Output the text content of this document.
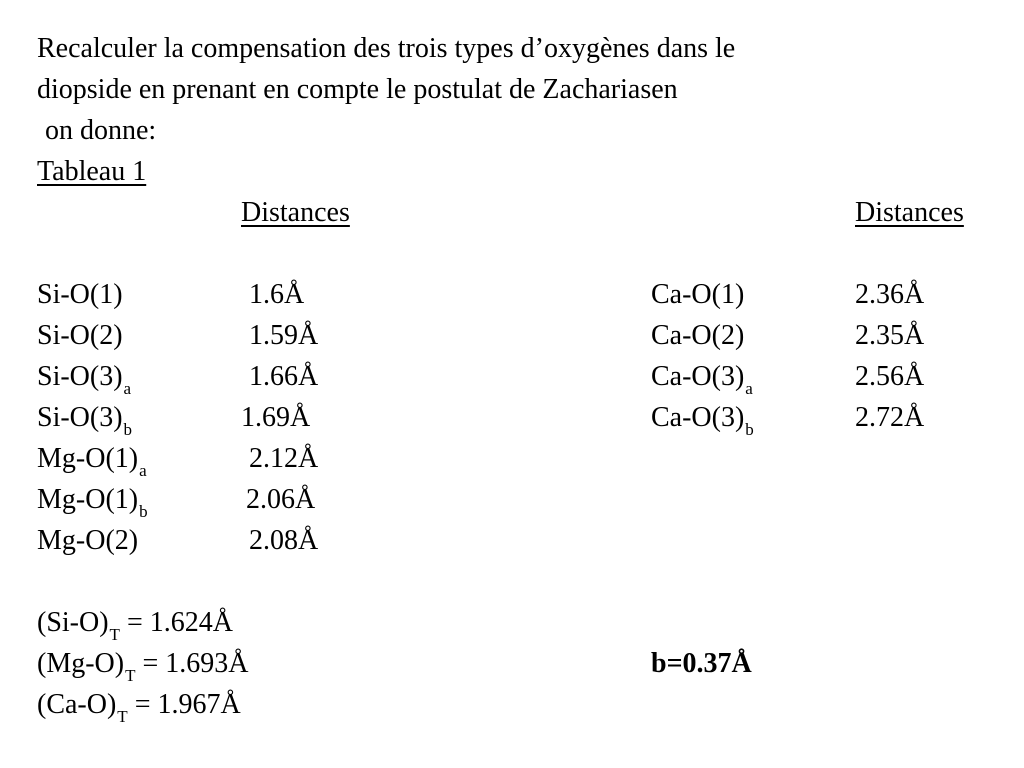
Recalculer la compensation des trois types d’oxygènes dans le
diopside en prenant en compte le postulat de Zachariasen
on donne:
Tableau 1
Distances	Distances
Si-O(1)	1.6Å
Si-O(2)	1.59Å
$Si-O(3)_a$	1.66Å
$Si-O(3)_b$	1.69Å
$Mg-O(1)_a$	2.12Å
$Mg-O(1)_b$	2.06Å
Mg-O(2)	2.08Å
Ca-O(1)	2.36Å
Ca-O(2)	2.35Å
$Ca-O(3)_a$	2.56Å
$Ca-O(3)_b$	2.72Å
$(Si-O)_T$ = 1.624Å
$(Mg-O)_T$ = 1.693Å
$(Ca-O)_T$ = 1.967Å
b=0.37Å
